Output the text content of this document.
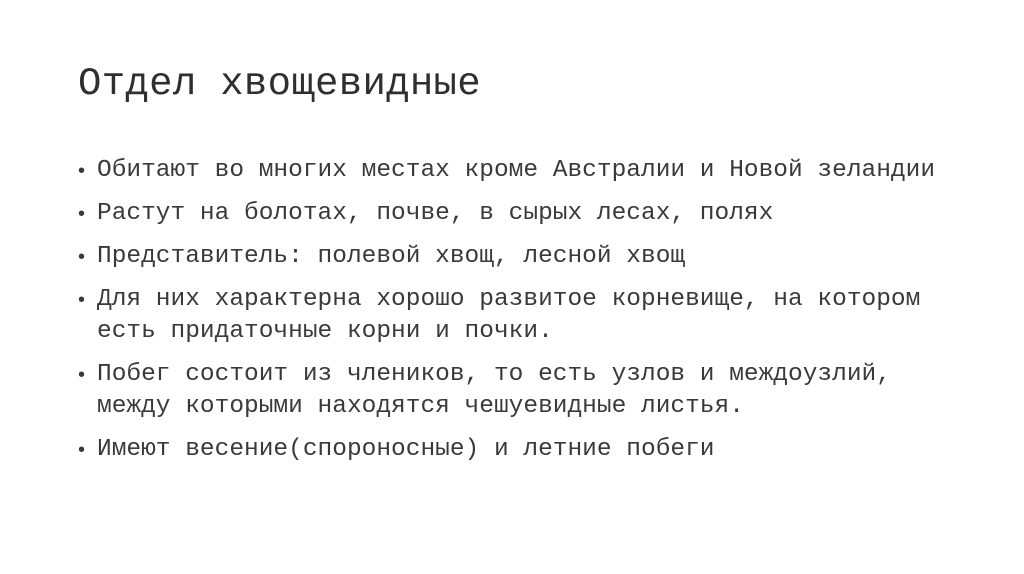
Отдел хвощевидные
• Обитают во многих местах кроме Австралии и Новой зеландии
• Растут на болотах, почве, в сырых лесах, полях
• Представитель: полевой хвощ, лесной хвощ
• Для них характерна хорошо развитое корневище, на котором есть придаточные корни и почки.
• Побег состоит из члеников, то есть узлов и междоузлий, между которыми находятся чешуевидные листья.
• Имеют весение(спороносные) и летние побеги
